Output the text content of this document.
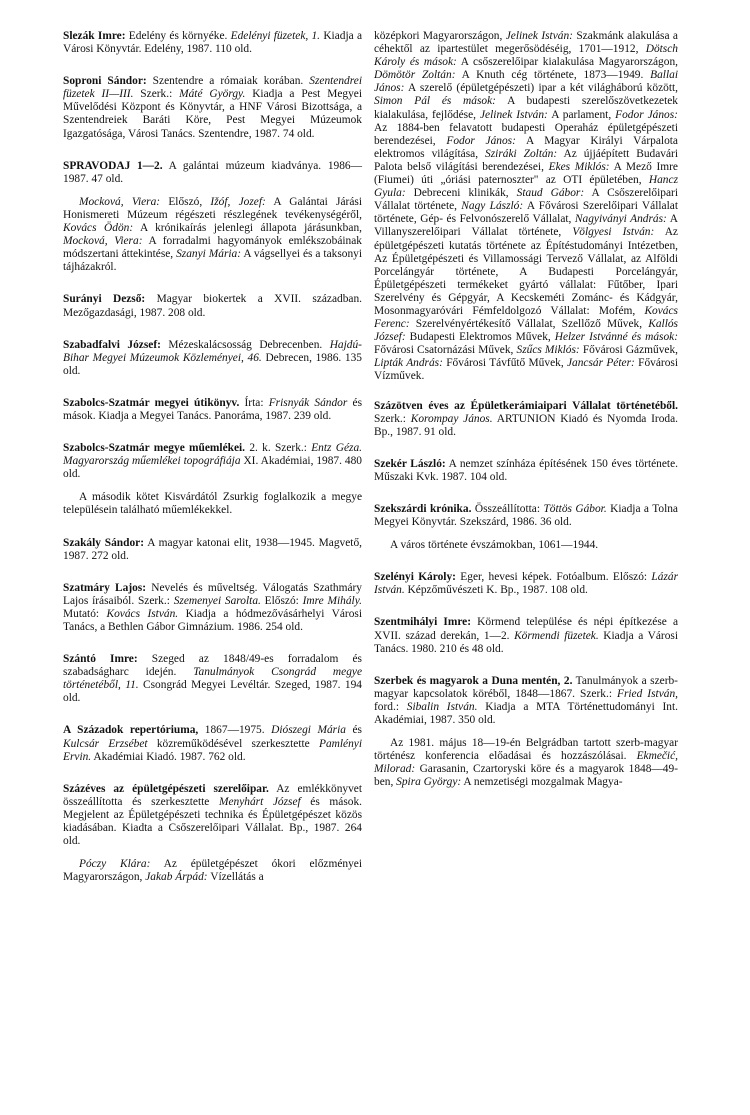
Slezák Imre: Edelény és környéke. Edelényi füzetek, 1. Kiadja a Városi Könyvtár. Edelény, 1987. 110 old.

Soproni Sándor: Szentendre a rómaiak korában. Szentendrei füzetek II—III. Szerk.: Máté György. Kiadja a Pest Megyei Művelődési Központ és Könyvtár, a HNF Városi Bizottsága, a Szentendreiek Baráti Köre, Pest Megyei Múzeumok Igazgatósága, Városi Tanács. Szentendre, 1987. 74 old.

SPRAVODAJ 1—2. A galántai múzeum kiadványa. 1986—1987. 47 old.

Mocková, Viera: Előszó, Ižóf, Jozef: A Galántai Járási Honismereti Múzeum régészeti részlegének tevékenységéről, Kovács Ödön: A krónikaírás jelenlegi állapota járásunkban, Mocková, Viera: A forradalmi hagyományok emlékszobáinak módszertani áttekintése, Szanyi Mária: A vágsellyei és a taksonyi tájházakról.

Surányi Dezső: Magyar biokertek a XVII. században. Mezőgazdasági, 1987. 208 old.

Szabadfalvi József: Mézeskalácsosság Debrecenben. Hajdú-Bihar Megyei Múzeumok Közleményei, 46. Debrecen, 1986. 135 old.

Szabolcs-Szatmár megyei útikönyv. Írta: Frisnyák Sándor és mások. Kiadja a Megyei Tanács. Panoráma, 1987. 239 old.

Szabolcs-Szatmár megye műemlékei. 2. k. Szerk.: Entz Géza. Magyarország műemlékei topográfiája XI. Akadémiai, 1987. 480 old.

A második kötet Kisvárdától Zsurkig foglalkozik a megye településein található műemlékekkel.

Szakály Sándor: A magyar katonai elit, 1938—1945. Magvető, 1987. 272 old.

Szatmáry Lajos: Nevelés és műveltség. Válogatás Szathmáry Lajos írásaiból. Szerk.: Szemenyei Sarolta. Előszó: Imre Mihály. Mutató: Kovács István. Kiadja a hódmezővásárhelyi Városi Tanács, a Bethlen Gábor Gimnázium. 1986. 254 old.

Szántó Imre: Szeged az 1848/49-es forradalom és szabadságharc idején. Tanulmányok Csongrád megye történetéből, 11. Csongrád Megyei Levéltár. Szeged, 1987. 194 old.

A Századok repertóriuma, 1867—1975. Diószegi Mária és Kulcsár Erzsébet közreműködésével szerkesztette Pamlényi Ervin. Akadémiai Kiadó. 1987. 762 old.

Százéves az épületgépészeti szerelőipar. Az emlékkönyvet összeállította és szerkesztette Menyhárt József és mások. Megjelent az Épületgépészeti technika és Épületgépészet közös kiadásában. Kiadta a Csőszerelőipari Vállalat. Bp., 1987. 264 old.

Póczy Klára: Az épületgépészet ókori előzményei Magyarországon, Jakab Árpád: Vízellátás a

középkori Magyarországon, Jelinek István: Szakmánk alakulása a céhektől az ipartestület megerősödéséig, 1701—1912, Dötsch Károly és mások: A csőszerelőipar kialakulása Magyarországon, Dömötör Zoltán: A Knuth cég története, 1873—1949. Ballai János: A szerelő (épületgépészeti) ipar a két világháború között, Simon Pál és mások: A budapesti szerelőszövetkezetek kialakulása, fejlődése, Jelinek István: A parlament, Fodor János: Az 1884-ben felavatott budapesti Operaház épületgépészeti berendezései, Fodor János: A Magyar Királyi Várpalota elektromos világítása, Sziráki Zoltán: Az újjáépített Budavári Palota belső világítási berendezései, Ekes Miklós: A Mező Imre (Fiumei) úti „óriási paternoszter" az OTI épületében, Hancz Gyula: Debreceni klinikák, Staud Gábor: A Csőszerelőipari Vállalat története, Nagy László: A Fővárosi Szerelőipari Vállalat története, Gép- és Felvonószerelő Vállalat, Nagyiványi András: A Villanyszerelőipari Vállalat története, Völgyesi István: Az épületgépészeti kutatás története az Építéstudományi Intézetben, Az Épületgépészeti és Villamossági Tervező Vállalat, az Alföldi Porcelángyár története, A Budapesti Porcelángyár, Épületgépészeti termékeket gyártó vállalat: Fűtőber, Ipari Szerelvény és Gépgyár, A Kecskeméti Zománc- és Kádgyár, Mosonmagyaróvári Fémfeldolgozó Vállalat: Mofém, Kovács Ferenc: Szerelvényértékesítő Vállalat, Szellőző Művek, Kallós József: Budapesti Elektromos Művek, Helzer Istvánné és mások: Fővárosi Csatornázási Művek, Szűcs Miklós: Fővárosi Gázművek, Lipták András: Fővárosi Távfűtő Művek, Jancsár Péter: Fővárosi Vízművek.

Százötven éves az Épületkerámiaipari Vállalat történetéből. Szerk.: Korompay János. ARTUNION Kiadó és Nyomda Iroda. Bp., 1987. 91 old.

Szekér László: A nemzet színháza építésének 150 éves története. Műszaki Kvk. 1987. 104 old.

Szekszárdi krónika. Összeállította: Töttös Gábor. Kiadja a Tolna Megyei Könyvtár. Szekszárd, 1986. 36 old.

A város története évszámokban, 1061—1944.

Szelényi Károly: Eger, hevesi képek. Fotóalbum. Előszó: Lázár István. Képzőművészeti K. Bp., 1987. 108 old.

Szentmihályi Imre: Körmend települése és népi építkezése a XVII. század derekán, 1—2. Körmendi füzetek. Kiadja a Városi Tanács. 1980. 210 és 48 old.

Szerbek és magyarok a Duna mentén, 2. Tanulmányok a szerb-magyar kapcsolatok köréből, 1848—1867. Szerk.: Fried István, ford.: Sibalin István. Kiadja a MTA Történettudományi Int. Akadémiai, 1987. 350 old.

Az 1981. május 18—19-én Belgrádban tartott szerb-magyar történész konferencia előadásai és hozzászólásai. Ekmečić, Milorad: Garasanin, Czartoryski köre és a magyarok 1848—49-ben, Spira György: A nemzetiségi mozgalmak Magya-
